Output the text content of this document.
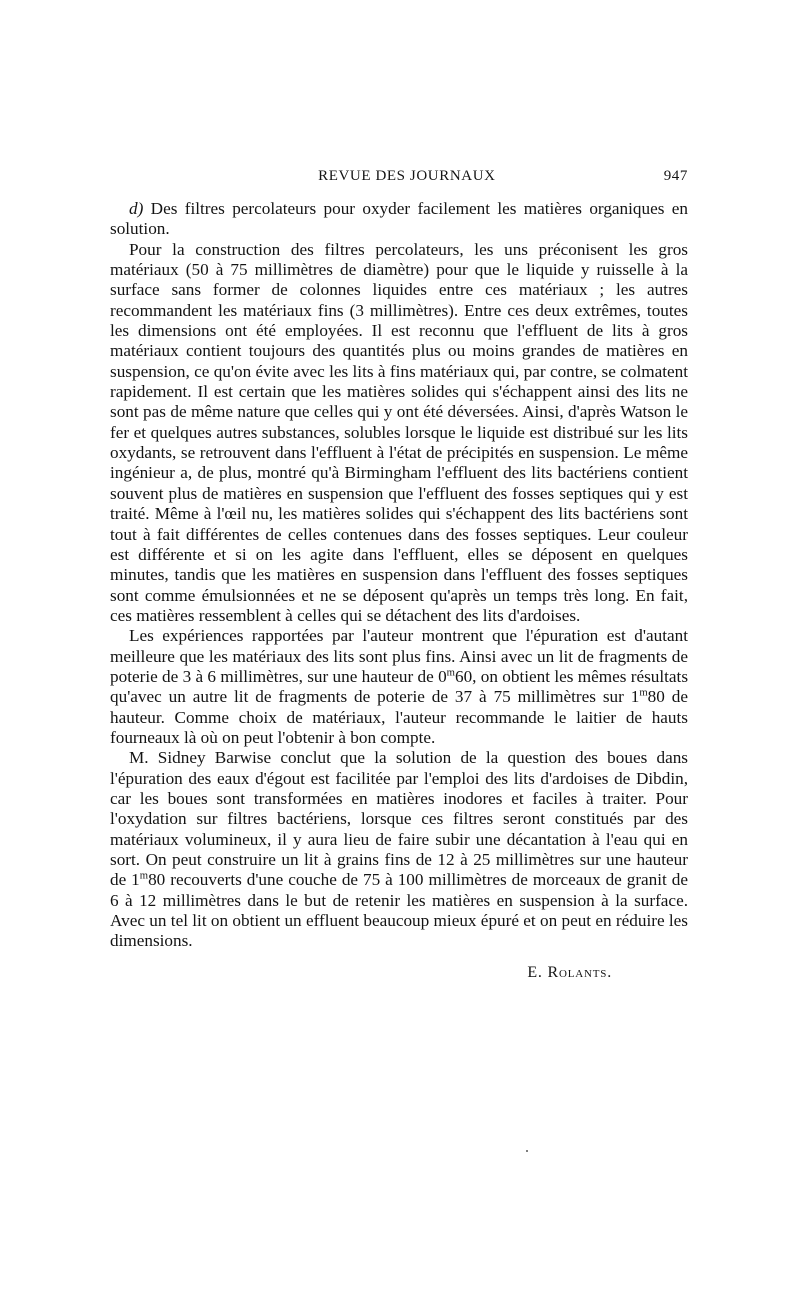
REVUE DES JOURNAUX	947

d) Des filtres percolateurs pour oxyder facilement les matières organiques en solution.

Pour la construction des filtres percolateurs, les uns préconisent les gros matériaux (50 à 75 millimètres de diamètre) pour que le liquide y ruisselle à la surface sans former de colonnes liquides entre ces matériaux ; les autres recommandent les matériaux fins (3 millimètres). Entre ces deux extrêmes, toutes les dimensions ont été employées. Il est reconnu que l'effluent de lits à gros matériaux contient toujours des quantités plus ou moins grandes de matières en suspension, ce qu'on évite avec les lits à fins matériaux qui, par contre, se colmatent rapidement. Il est certain que les matières solides qui s'échappent ainsi des lits ne sont pas de même nature que celles qui y ont été déversées. Ainsi, d'après Watson le fer et quelques autres substances, solubles lorsque le liquide est distribué sur les lits oxydants, se retrouvent dans l'effluent à l'état de précipités en suspension. Le même ingénieur a, de plus, montré qu'à Birmingham l'effluent des lits bactériens contient souvent plus de matières en suspension que l'effluent des fosses septiques qui y est traité. Même à l'œil nu, les matières solides qui s'échappent des lits bactériens sont tout à fait différentes de celles contenues dans des fosses septiques. Leur couleur est différente et si on les agite dans l'effluent, elles se déposent en quelques minutes, tandis que les matières en suspension dans l'effluent des fosses septiques sont comme émulsionnées et ne se déposent qu'après un temps très long. En fait, ces matières ressemblent à celles qui se détachent des lits d'ardoises.

Les expériences rapportées par l'auteur montrent que l'épuration est d'autant meilleure que les matériaux des lits sont plus fins. Ainsi avec un lit de fragments de poterie de 3 à 6 millimètres, sur une hauteur de 0$^m$60, on obtient les mêmes résultats qu'avec un autre lit de fragments de poterie de 37 à 75 millimètres sur 1$^m$80 de hauteur. Comme choix de matériaux, l'auteur recommande le laitier de hauts fourneaux là où on peut l'obtenir à bon compte.

M. Sidney Barwise conclut que la solution de la question des boues dans l'épuration des eaux d'égout est facilitée par l'emploi des lits d'ardoises de Dibdin, car les boues sont transformées en matières inodores et faciles à traiter. Pour l'oxydation sur filtres bactériens, lorsque ces filtres seront constitués par des matériaux volumineux, il y aura lieu de faire subir une décantation à l'eau qui en sort. On peut construire un lit à grains fins de 12 à 25 millimètres sur une hauteur de 1$^m$80 recouverts d'une couche de 75 à 100 millimètres de morceaux de granit de 6 à 12 millimètres dans le but de retenir les matières en suspension à la surface. Avec un tel lit on obtient un effluent beaucoup mieux épuré et on peut en réduire les dimensions.

E. Rolants.
